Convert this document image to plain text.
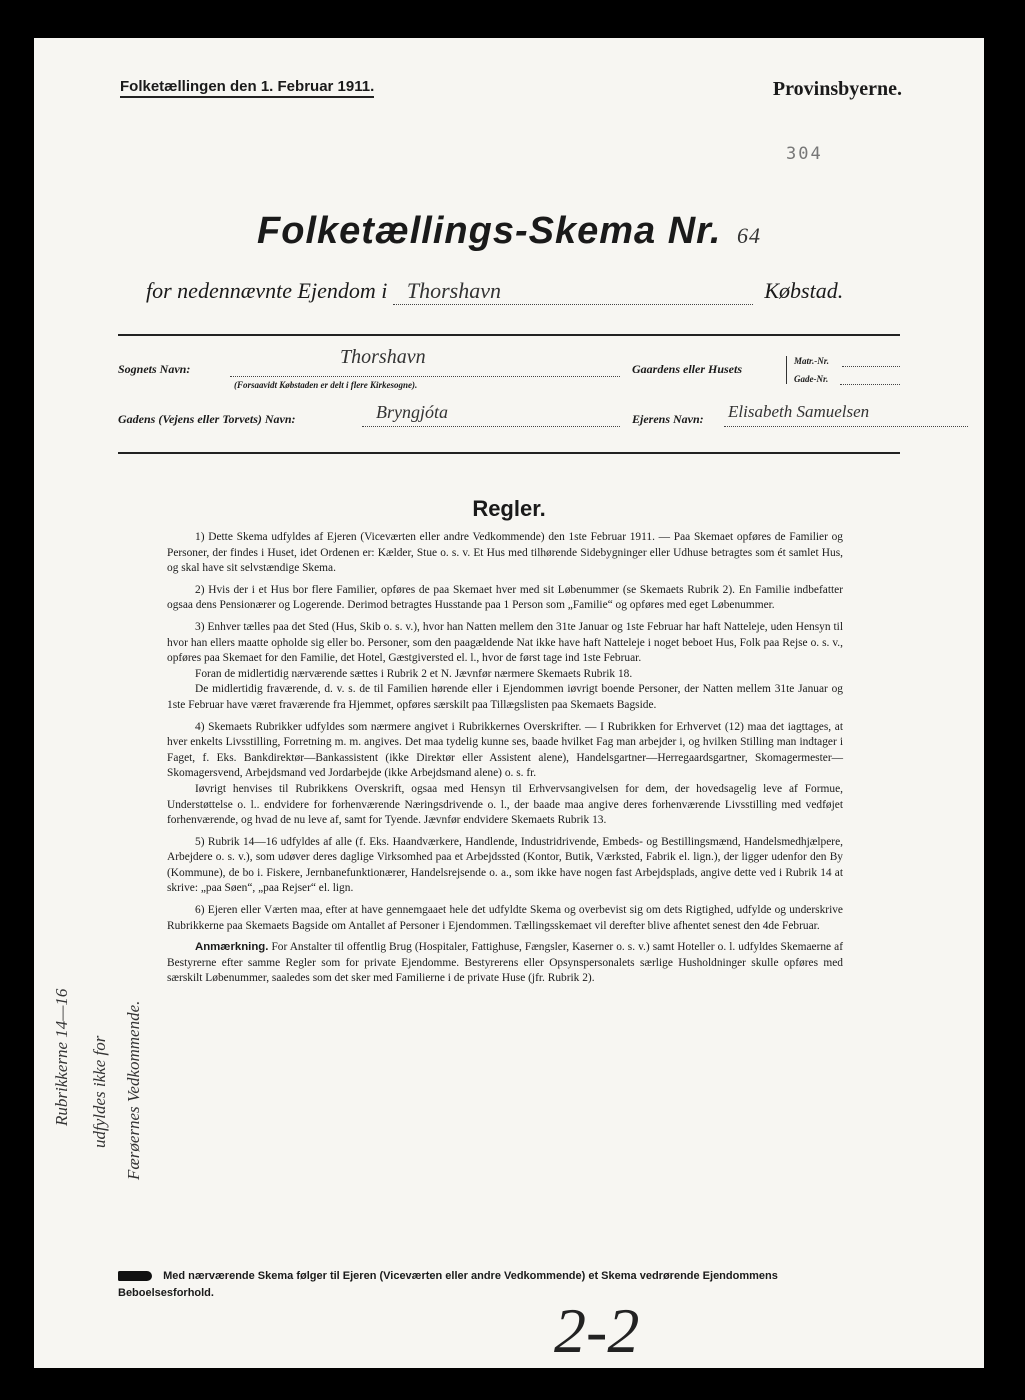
Folketællingen den 1. Februar 1911.	Provinsbyerne.
304
Folketællings-Skema Nr. 64
for nedennævnte Ejendom i Thorshavn	Købstad.
Sognets Navn:
Thorshavn
(Forsaavidt Købstaden er delt i flere Kirkesogne).
Gaardens eller Husets
Matr.-Nr.
Gade-Nr.
Gadens (Vejens eller Torvets) Navn:	Bryngjóta	Ejerens Navn: Elisabeth Samuelsen
Regler.

1) Dette Skema udfyldes af Ejeren (Viceværten eller andre Vedkommende) den 1ste Februar 1911. — Paa Skemaet opføres de Familier og Personer, der findes i Huset, idet Ordenen er: Kælder, Stue o. s. v. Et Hus med tilhørende Sidebygninger eller Udhuse betragtes som ét samlet Hus, og skal have sit selvstændige Skema.

2) Hvis der i et Hus bor flere Familier, opføres de paa Skemaet hver med sit Løbenummer (se Skemaets Rubrik 2). En Familie indbefatter ogsaa dens Pensionærer og Logerende. Derimod betragtes Husstande paa 1 Person som „Familie“ og opføres med eget Løbenummer.

3) Enhver tælles paa det Sted (Hus, Skib o. s. v.), hvor han Natten mellem den 31te Januar og 1ste Februar har haft Natteleje, uden Hensyn til hvor han ellers maatte opholde sig eller bo. Personer, som den paagældende Nat ikke have haft Natteleje i noget beboet Hus, Folk paa Rejse o. s. v., opføres paa Skemaet for den Familie, det Hotel, Gæstgiversted el. l., hvor de først tage ind 1ste Februar.

Foran de midlertidig nærværende sættes i Rubrik 2 et N. Jævnfør nærmere Skemaets Rubrik 18.

De midlertidig fraværende, d. v. s. de til Familien hørende eller i Ejendommen iøvrigt boende Personer, der Natten mellem 31te Januar og 1ste Februar have været fraværende fra Hjemmet, opføres særskilt paa Tillægslisten paa Skemaets Bagside.

4) Skemaets Rubrikker udfyldes som nærmere angivet i Rubrikkernes Overskrifter. — I Rubrikken for Erhvervet (12) maa det iagttages, at hver enkelts Livsstilling, Forretning m. m. angives. Det maa tydelig kunne ses, baade hvilket Fag man arbejder i, og hvilken Stilling man indtager i Faget, f. Eks. Bankdirektør—Bankassistent (ikke Direktør eller Assistent alene), Handelsgartner—Herregaardsgartner, Skomagermester—Skomagersvend, Arbejdsmand ved Jordarbejde (ikke Arbejdsmand alene) o. s. fr.

Iøvrigt henvises til Rubrikkens Overskrift, ogsaa med Hensyn til Erhvervsangivelsen for dem, der hovedsagelig leve af Formue, Understøttelse o. l.. endvidere for forhenværende Næringsdrivende o. l., der baade maa angive deres forhenværende Livsstilling med vedføjet forhenværende, og hvad de nu leve af, samt for Tyende. Jævnfør endvidere Skemaets Rubrik 13.

5) Rubrik 14—16 udfyldes af alle (f. Eks. Haandværkere, Handlende, Industridrivende, Embeds- og Bestillingsmænd, Handelsmedhjælpere, Arbejdere o. s. v.), som udøver deres daglige Virksomhed paa et Arbejdssted (Kontor, Butik, Værksted, Fabrik el. lign.), der ligger udenfor den By (Kommune), de bo i. Fiskere, Jernbanefunktionærer, Handelsrejsende o. a., som ikke have nogen fast Arbejdsplads, angive dette ved i Rubrik 14 at skrive: „paa Søen“, „paa Rejser“ el. lign.

6) Ejeren eller Værten maa, efter at have gennemgaaet hele det udfyldte Skema og overbevist sig om dets Rigtighed, udfylde og underskrive Rubrikkerne paa Skemaets Bagside om Antallet af Personer i Ejendommen. Tællingsskemaet vil derefter blive afhentet senest den 4de Februar.

Anmærkning. For Anstalter til offentlig Brug (Hospitaler, Fattighuse, Fængsler, Kaserner o. s. v.) samt Hoteller o. l. udfyldes Skemaerne af Bestyrerne efter samme Regler som for private Ejendomme. Bestyrerens eller Opsynspersonalets særlige Husholdninger skulle opføres med særskilt Løbenummer, saaledes som det sker med Familierne i de private Huse (jfr. Rubrik 2).

Rubrikkerne 14—16 udfyldes ikke for Færøernes Vedkommende.
Med nærværende Skema følger til Ejeren (Viceværten eller andre Vedkommende) et Skema vedrørende Ejendommens Beboelsesforhold.
2-2
